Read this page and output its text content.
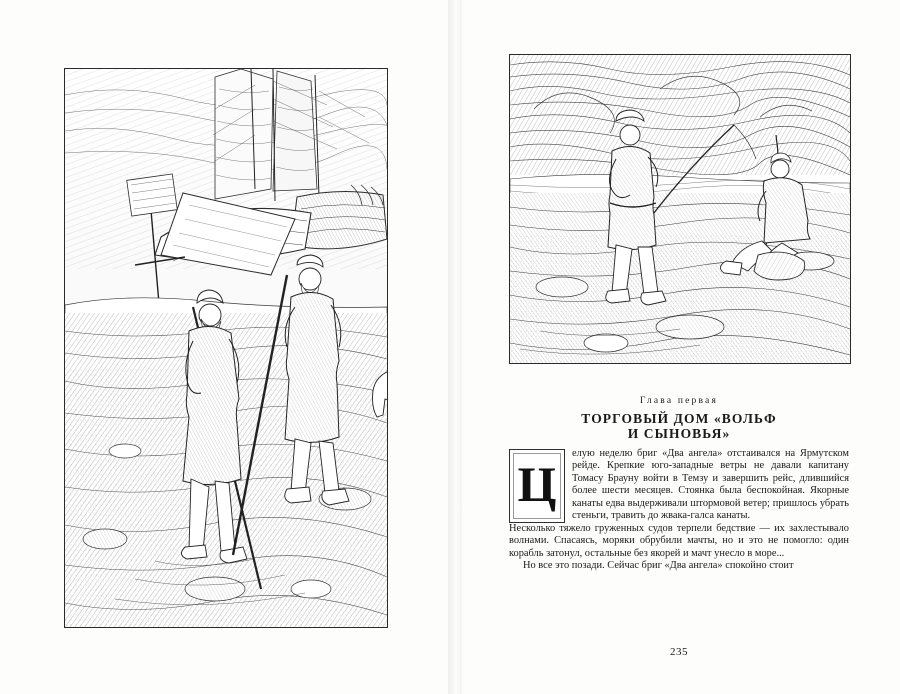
Глава первая
ТОРГОВЫЙ ДОМ «ВОЛЬФ
И СЫНОВЬЯ»
Ц

елую неделю бриг «Два ангела» отстаивался на Ярмутском рейде. Крепкие юго-западные ветры не давали капитану Томасу Брауну войти в Темзу и завершить рейс, длившийся более шести месяцев. Стоянка была беспокойная. Якорные канаты едва выдерживали штормовой ветер; пришлось убрать стеньги, травить до жвака-галса канаты.

Несколько тяжело груженных судов терпели бедствие — их захлестывало волнами. Спасаясь, моряки обрубили мачты, но и это не помогло: один корабль затонул, остальные без якорей и мачт унесло в море...

Но все это позади. Сейчас бриг «Два ангела» спокойно стоит

235
